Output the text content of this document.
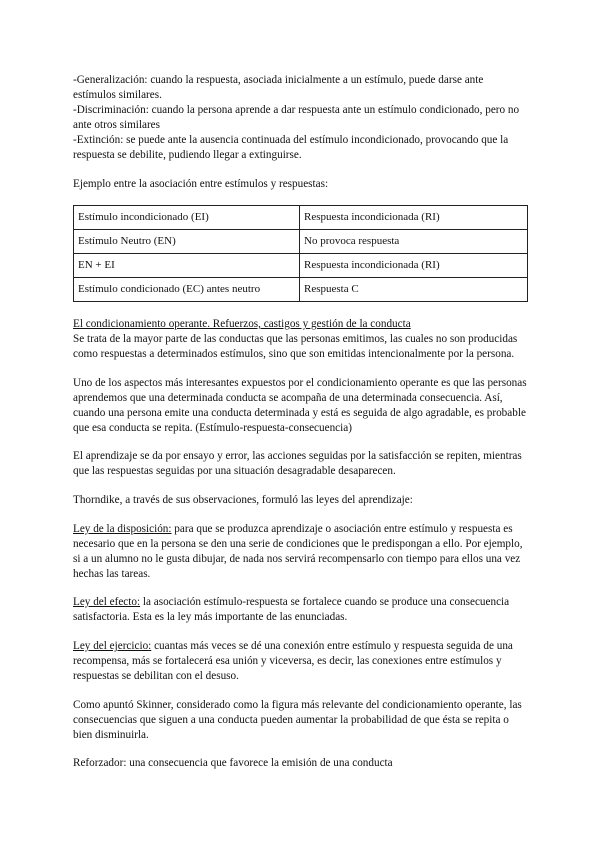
-Generalización: cuando la respuesta, asociada inicialmente a un estímulo, puede darse ante estímulos similares.

-Discriminación: cuando la persona aprende a dar respuesta ante un estímulo condicionado, pero no ante otros similares

-Extinción: se puede ante la ausencia continuada del estímulo incondicionado, provocando que la respuesta se debilite, pudiendo llegar a extinguirse.

Ejemplo entre la asociación entre estímulos y respuestas:

Estímulo incondicionado (EI)	Respuesta incondicionada (RI)
Estímulo Neutro (EN)	No provoca respuesta
EN + EI	Respuesta incondicionada (RI)
Estímulo condicionado (EC) antes neutro	Respuesta C

El condicionamiento operante. Refuerzos, castigos y gestión de la conducta

Se trata de la mayor parte de las conductas que las personas emitimos, las cuales no son producidas como respuestas a determinados estímulos, sino que son emitidas intencionalmente por la persona.

Uno de los aspectos más interesantes expuestos por el condicionamiento operante es que las personas aprendemos que una determinada conducta se acompaña de una determinada consecuencia. Así, cuando una persona emite una conducta determinada y está es seguida de algo agradable, es probable que esa conducta se repita. (Estímulo-respuesta-consecuencia)

El aprendizaje se da por ensayo y error, las acciones seguidas por la satisfacción se repiten, mientras que las respuestas seguidas por una situación desagradable desaparecen.

Thorndike, a través de sus observaciones, formuló las leyes del aprendizaje:

Ley de la disposición: para que se produzca aprendizaje o asociación entre estímulo y respuesta es necesario que en la persona se den una serie de condiciones que le predispongan a ello. Por ejemplo, si a un alumno no le gusta dibujar, de nada nos servirá recompensarlo con tiempo para ellos una vez hechas las tareas.

Ley del efecto: la asociación estímulo-respuesta se fortalece cuando se produce una consecuencia satisfactoria. Esta es la ley más importante de las enunciadas.

Ley del ejercicio: cuantas más veces se dé una conexión entre estímulo y respuesta seguida de una recompensa, más se fortalecerá esa unión y viceversa, es decir, las conexiones entre estímulos y respuestas se debilitan con el desuso.

Como apuntó Skinner, considerado como la figura más relevante del condicionamiento operante, las consecuencias que siguen a una conducta pueden aumentar la probabilidad de que ésta se repita o bien disminuirla.

Reforzador: una consecuencia que favorece la emisión de una conducta
